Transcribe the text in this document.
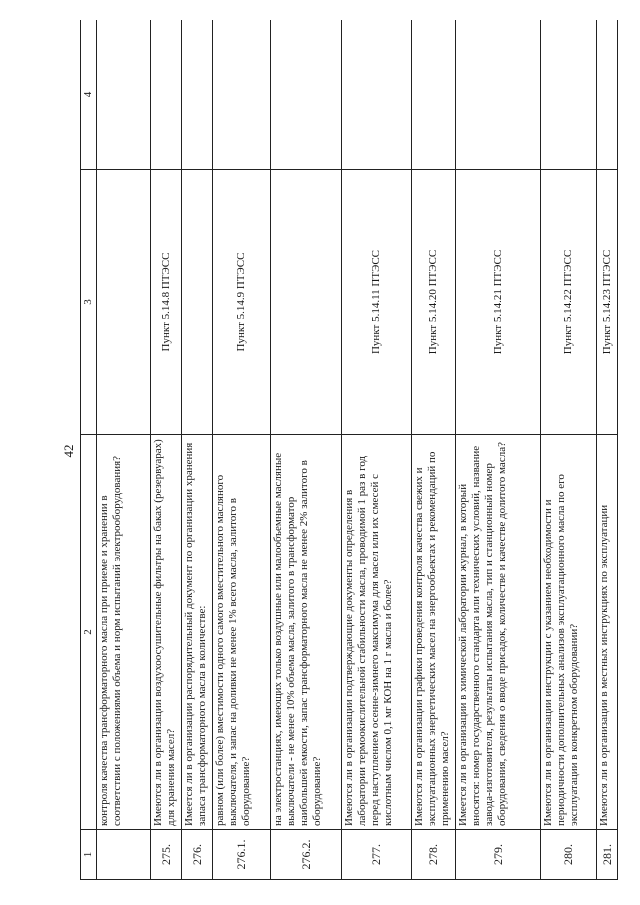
42
1	2	3	4
	контроля качества трансформаторного масла при приеме и хранении в соответствии с положениями объема и норм испытаний электрооборудования?		
275.	Имеются ли в организации воздухоосушительные фильтры на баках (резервуарах) для хранения масел?	Пункт 5.14.8 ПТЭСС	
276.	Имеется ли в организации распорядительный документ по организации хранения запаса трансформаторного масла в количестве:		
276.1.	равном (или более) вместимости одного самого вместительного масляного выключателя, и запас на доливки не менее 1% всего масла, залитого в оборудование?	Пункт 5.14.9 ПТЭСС	
276.2.	на электростанциях, имеющих только воздушные или малообъемные масляные выключатели - не менее 10% объема масла, залитого в трансформатор наибольшей емкости, запас трансформаторного масла не менее 2% залитого в оборудование?		
277.	Имеются ли в организации подтверждающие документы определения в лаборатории термоокислительной стабильности масла, проводимой 1 раз в год перед наступлением осенне-зимнего максимума для масел или их смесей с кислотным числом 0,1 мг КОН на 1 г масла и более?	Пункт 5.14.11 ПТЭСС	
278.	Имеются ли в организации графики проведения контроля качества свежих и эксплуатационных энергетических масел на энергообъектах и рекомендаций по применению масел?	Пункт 5.14.20 ПТЭСС	
279.	Имеется ли в организации в химической лаборатории журнал, в который вносятся: номер государственного стандарта или технических условий, название завода-изготовителя, результаты испытания масла, тип и станционный номер оборудования, сведения о вводе присадок, количестве и качестве долитого масла?	Пункт 5.14.21 ПТЭСС	
280.	Имеются ли в организации инструкции с указанием необходимости и периодичности дополнительных анализов эксплуатационного масла по его эксплуатации в конкретном оборудовании?	Пункт 5.14.22 ПТЭСС	
281.	Имеются ли в организации в местных инструкциях по эксплуатации	Пункт 5.14.23 ПТЭСС	
